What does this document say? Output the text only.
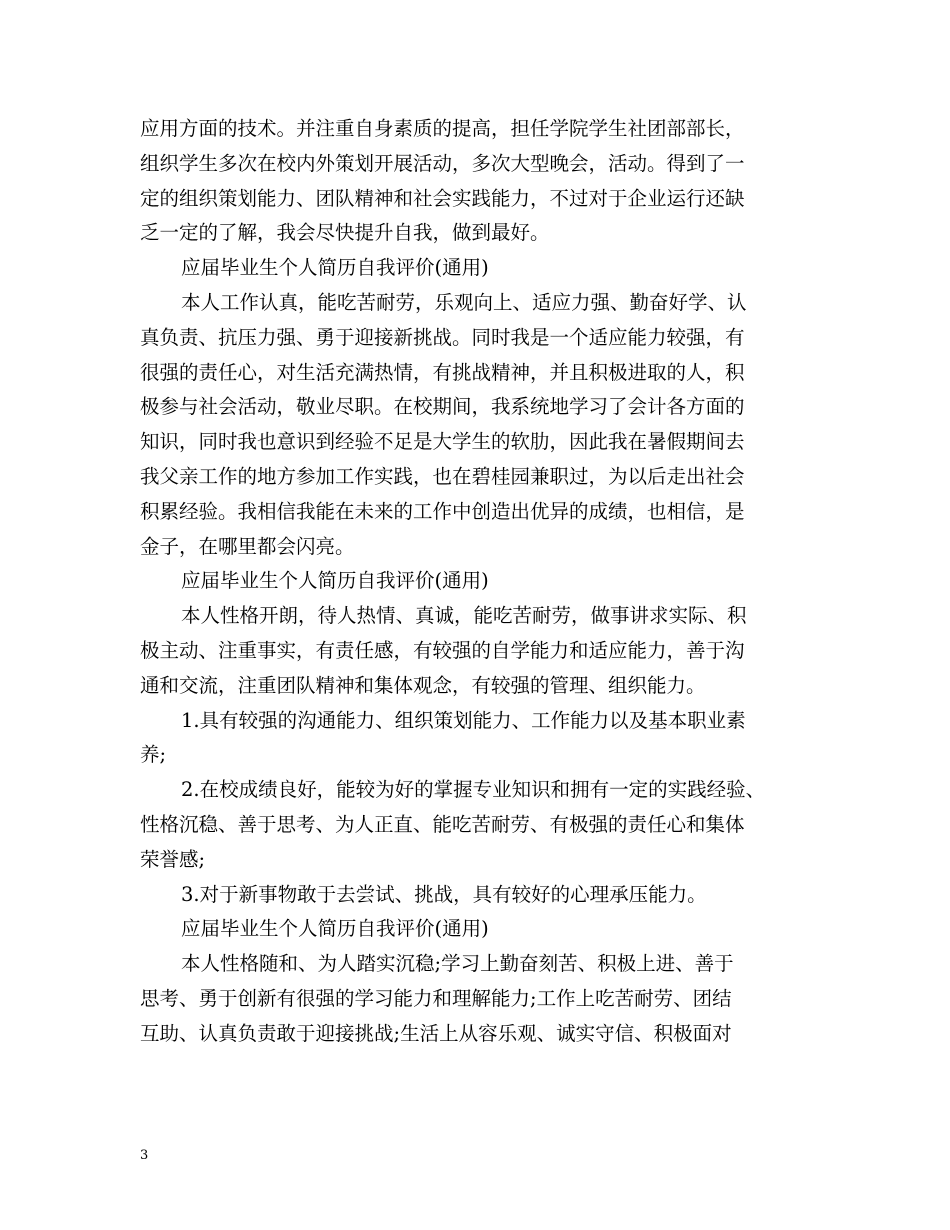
应用方面的技术。并注重自身素质的提高，担任学院学生社团部部长，
组织学生多次在校内外策划开展活动，多次大型晚会，活动。得到了一
定的组织策划能力、团队精神和社会实践能力，不过对于企业运行还缺
乏一定的了解，我会尽快提升自我，做到最好。
应届毕业生个人简历自我评价(通用)
本人工作认真，能吃苦耐劳，乐观向上、适应力强、勤奋好学、认
真负责、抗压力强、勇于迎接新挑战。同时我是一个适应能力较强，有
很强的责任心，对生活充满热情，有挑战精神，并且积极进取的人，积
极参与社会活动，敬业尽职。在校期间，我系统地学习了会计各方面的
知识，同时我也意识到经验不足是大学生的软肋，因此我在暑假期间去
我父亲工作的地方参加工作实践，也在碧桂园兼职过，为以后走出社会
积累经验。我相信我能在未来的工作中创造出优异的成绩，也相信，是
金子，在哪里都会闪亮。
应届毕业生个人简历自我评价(通用)
本人性格开朗，待人热情、真诚，能吃苦耐劳，做事讲求实际、积
极主动、注重事实，有责任感，有较强的自学能力和适应能力，善于沟
通和交流，注重团队精神和集体观念，有较强的管理、组织能力。
1.具有较强的沟通能力、组织策划能力、工作能力以及基本职业素
养;
2.在校成绩良好，能较为好的掌握专业知识和拥有一定的实践经验、
性格沉稳、善于思考、为人正直、能吃苦耐劳、有极强的责任心和集体
荣誉感;
3.对于新事物敢于去尝试、挑战，具有较好的心理承压能力。
应届毕业生个人简历自我评价(通用)
本人性格随和、为人踏实沉稳;学习上勤奋刻苦、积极上进、善于
思考、勇于创新有很强的学习能力和理解能力;工作上吃苦耐劳、团结
互助、认真负责敢于迎接挑战;生活上从容乐观、诚实守信、积极面对
3
